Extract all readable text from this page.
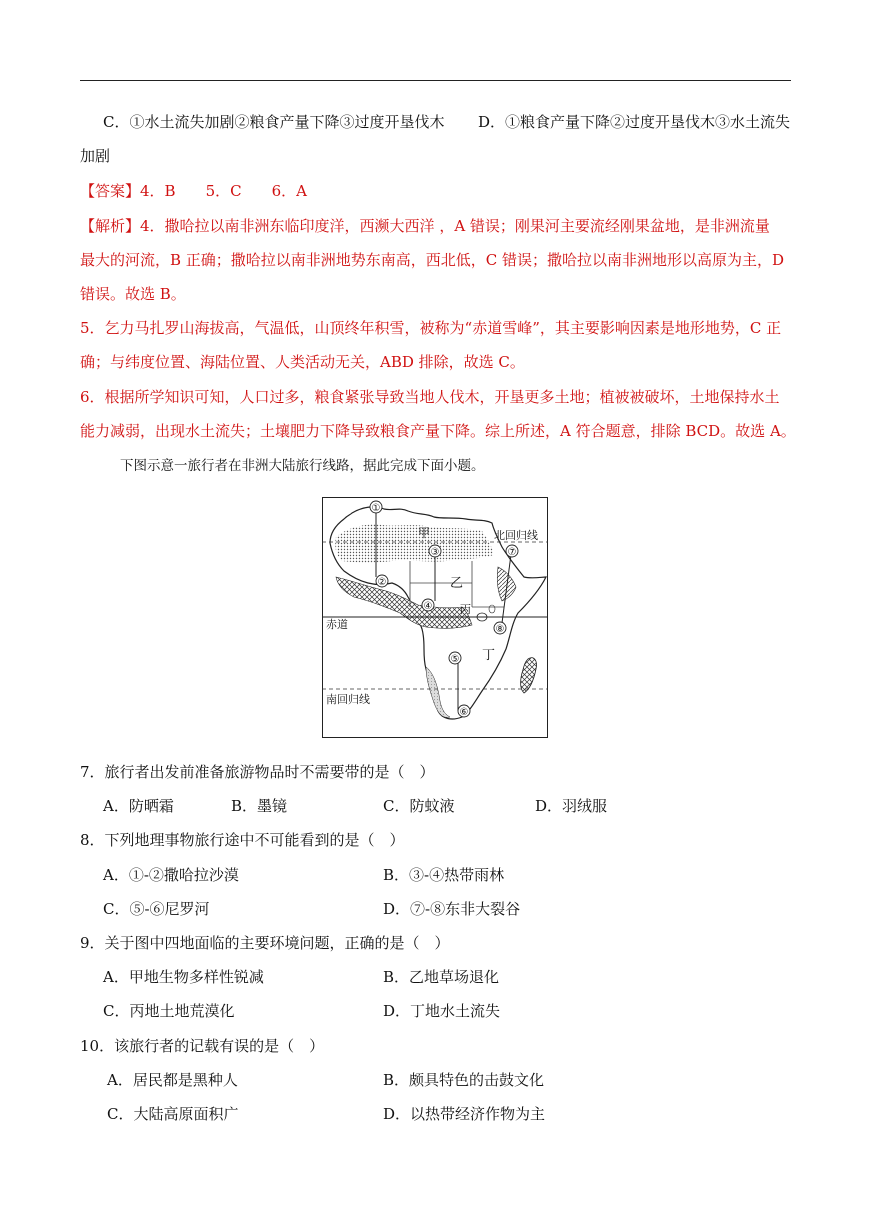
C．①水土流失加剧②粮食产量下降③过度开垦伐木 D．①粮食产量下降②过度开垦伐木③水土流失
加剧
【答案】4．B　　5．C　　6．A
【解析】4．撒哈拉以南非洲东临印度洋，西濒大西洋 ，A 错误；刚果河主要流经刚果盆地，是非洲流量
最大的河流，B 正确；撒哈拉以南非洲地势东南高，西北低，C 错误；撒哈拉以南非洲地形以高原为主，D
错误。故选 B。
5．乞力马扎罗山海拔高，气温低，山顶终年积雪，被称为“赤道雪峰”，其主要影响因素是地形地势，C 正
确；与纬度位置、海陆位置、人类活动无关，ABD 排除，故选 C。
6．根据所学知识可知，人口过多，粮食紧张导致当地人伐木，开垦更多土地；植被被破坏，土地保持水土
能力减弱，出现水土流失；土壤肥力下降导致粮食产量下降。综上所述，A 符合题意，排除 BCD。故选 A。
下图示意一旅行者在非洲大陆旅行线路，据此完成下面小题。
北回归线
赤道
南回归线
甲
乙
丙
丁
①
②
③
④
⑤
⑥
⑦
⑧
7．旅行者出发前准备旅游物品时不需要带的是（　）
A．防晒霜	B．墨镜	C．防蚊液	D．羽绒服
8．下列地理事物旅行途中不可能看到的是（　）
A．①-②撒哈拉沙漠	B．③-④热带雨林
C．⑤-⑥尼罗河	D．⑦-⑧东非大裂谷
9．关于图中四地面临的主要环境问题，正确的是（　）
A．甲地生物多样性锐减	B．乙地草场退化
C．丙地土地荒漠化	D．丁地水土流失
10．该旅行者的记载有误的是（　）
A．居民都是黑种人	B．颇具特色的击鼓文化
C．大陆高原面积广	D．以热带经济作物为主
